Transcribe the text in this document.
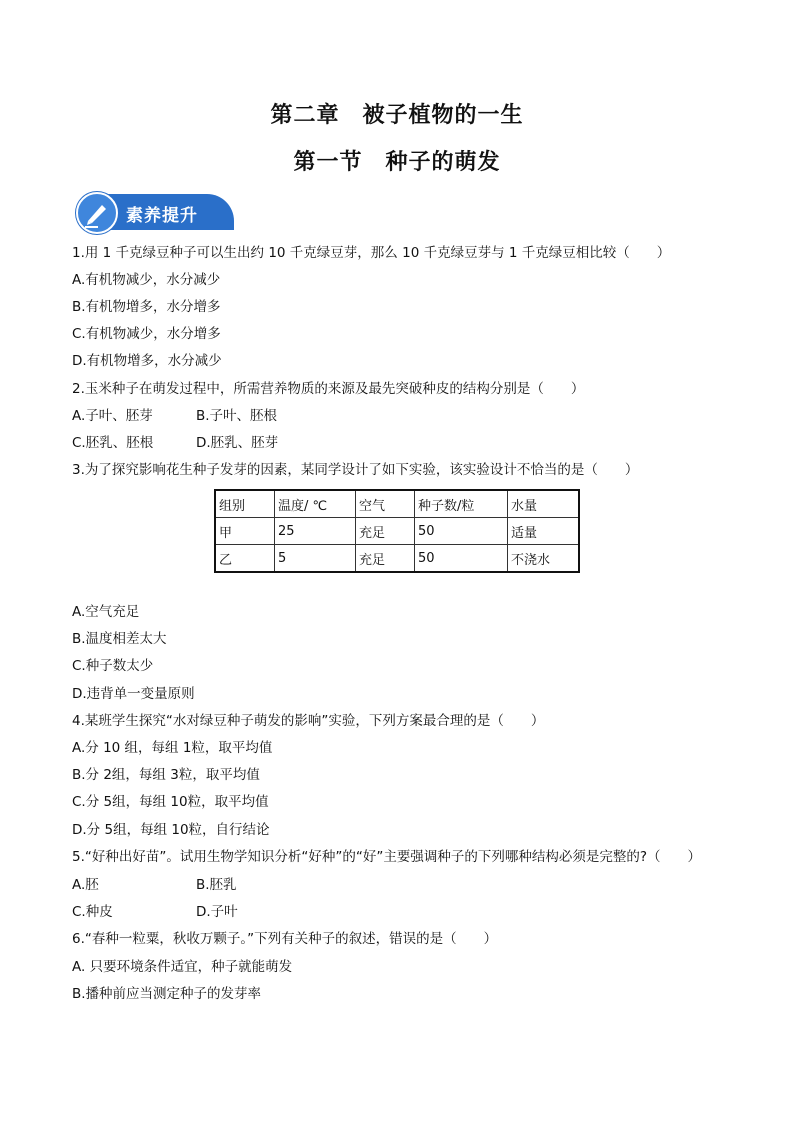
第二章　被子植物的一生
第一节　种子的萌发
素养提升
1.用 1 千克绿豆种子可以生出约 10 千克绿豆芽，那么 10 千克绿豆芽与 1 千克绿豆相比较（　　）
A.有机物减少，水分减少
B.有机物增多，水分增多
C.有机物减少，水分增多
D.有机物增多，水分减少
2.玉米种子在萌发过程中，所需营养物质的来源及最先突破种皮的结构分别是（　　）
A.子叶、胚芽	B.子叶、胚根
C.胚乳、胚根	D.胚乳、胚芽
3.为了探究影响花生种子发芽的因素，某同学设计了如下实验，该实验设计不恰当的是（　　）
组别	温度/ ℃	空气	种子数/粒	水量
甲	25	充足	50	适量
乙	5	充足	50	不浇水
A.空气充足
B.温度相差太大
C.种子数太少
D.违背单一变量原则
4.某班学生探究“水对绿豆种子萌发的影响”实验，下列方案最合理的是（　　）
A.分 10 组，每组 1粒，取平均值
B.分 2组，每组 3粒，取平均值
C.分 5组，每组 10粒，取平均值
D.分 5组，每组 10粒，自行结论
5.“好种出好苗”。试用生物学知识分析“好种”的“好”主要强调种子的下列哪种结构必须是完整的?（　　）
A.胚	B.胚乳
C.种皮	D.子叶
6.“春种一粒粟，秋收万颗子。”下列有关种子的叙述，错误的是（　　）
A. 只要环境条件适宜，种子就能萌发
B.播种前应当测定种子的发芽率
